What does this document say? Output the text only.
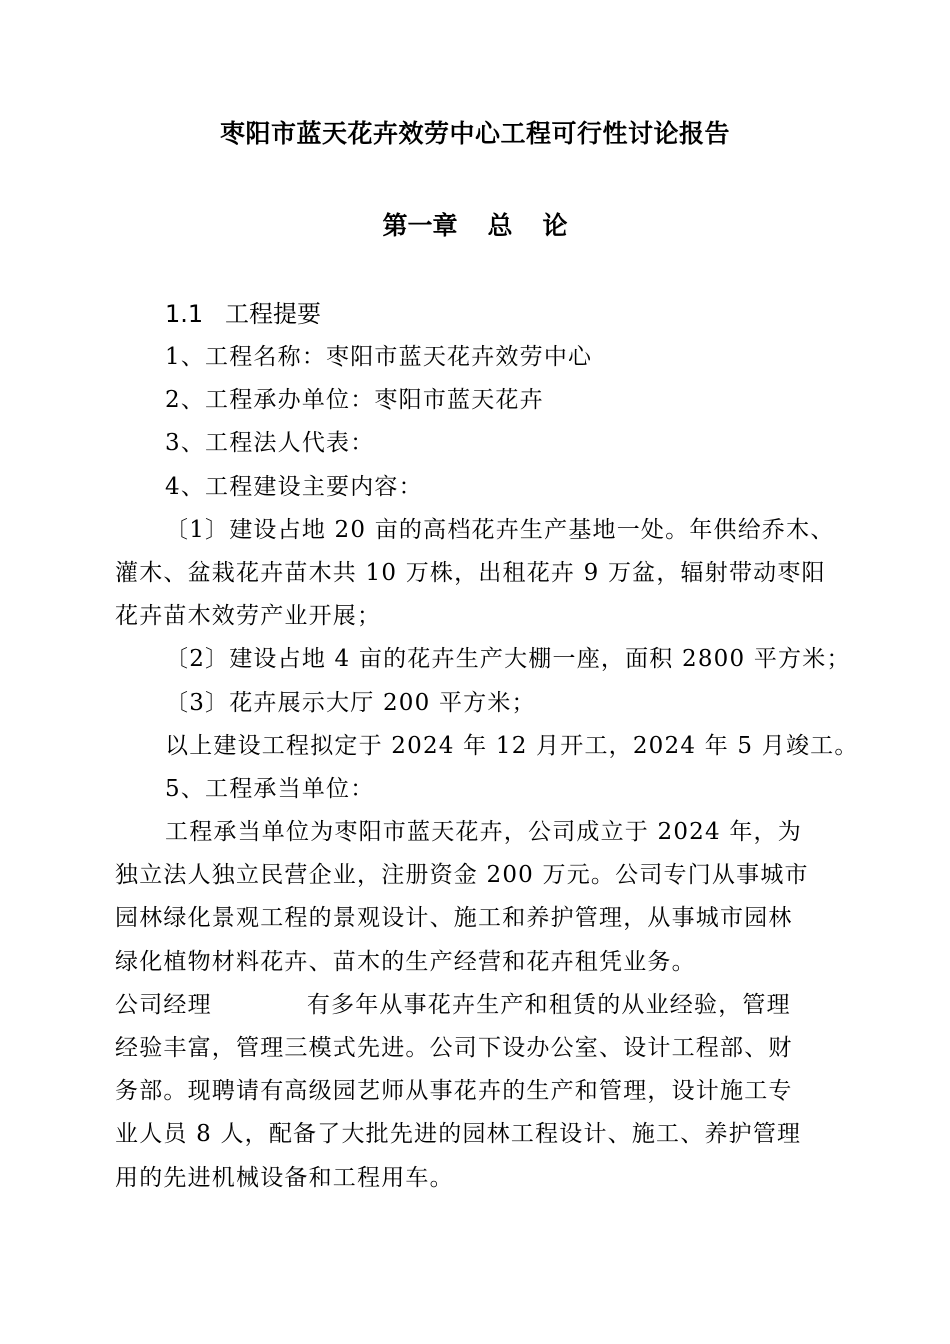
枣阳市蓝天花卉效劳中心工程可行性讨论报告
第一章 总 论
1.1 工程提要
1、工程名称：枣阳市蓝天花卉效劳中心
2、工程承办单位：枣阳市蓝天花卉
3、工程法人代表：
4、工程建设主要内容：
〔1〕建设占地 20 亩的高档花卉生产基地一处。年供给乔木、
灌木、盆栽花卉苗木共 10 万株，出租花卉 9 万盆，辐射带动枣阳
花卉苗木效劳产业开展；
〔2〕建设占地 4 亩的花卉生产大棚一座，面积 2800 平方米；
〔3〕花卉展示大厅 200 平方米；
以上建设工程拟定于 2024 年 12 月开工，2024 年 5 月竣工。
5、工程承当单位：
工程承当单位为枣阳市蓝天花卉，公司成立于 2024 年，为
独立法人独立民营企业，注册资金 200 万元。公司专门从事城市
园林绿化景观工程的景观设计、施工和养护管理，从事城市园林
绿化植物材料花卉、苗木的生产经营和花卉租凭业务。
公司经理	有多年从事花卉生产和租赁的从业经验，管理
经验丰富，管理三模式先进。公司下设办公室、设计工程部、财
务部。现聘请有高级园艺师从事花卉的生产和管理，设计施工专
业人员 8 人，配备了大批先进的园林工程设计、施工、养护管理
用的先进机械设备和工程用车。
